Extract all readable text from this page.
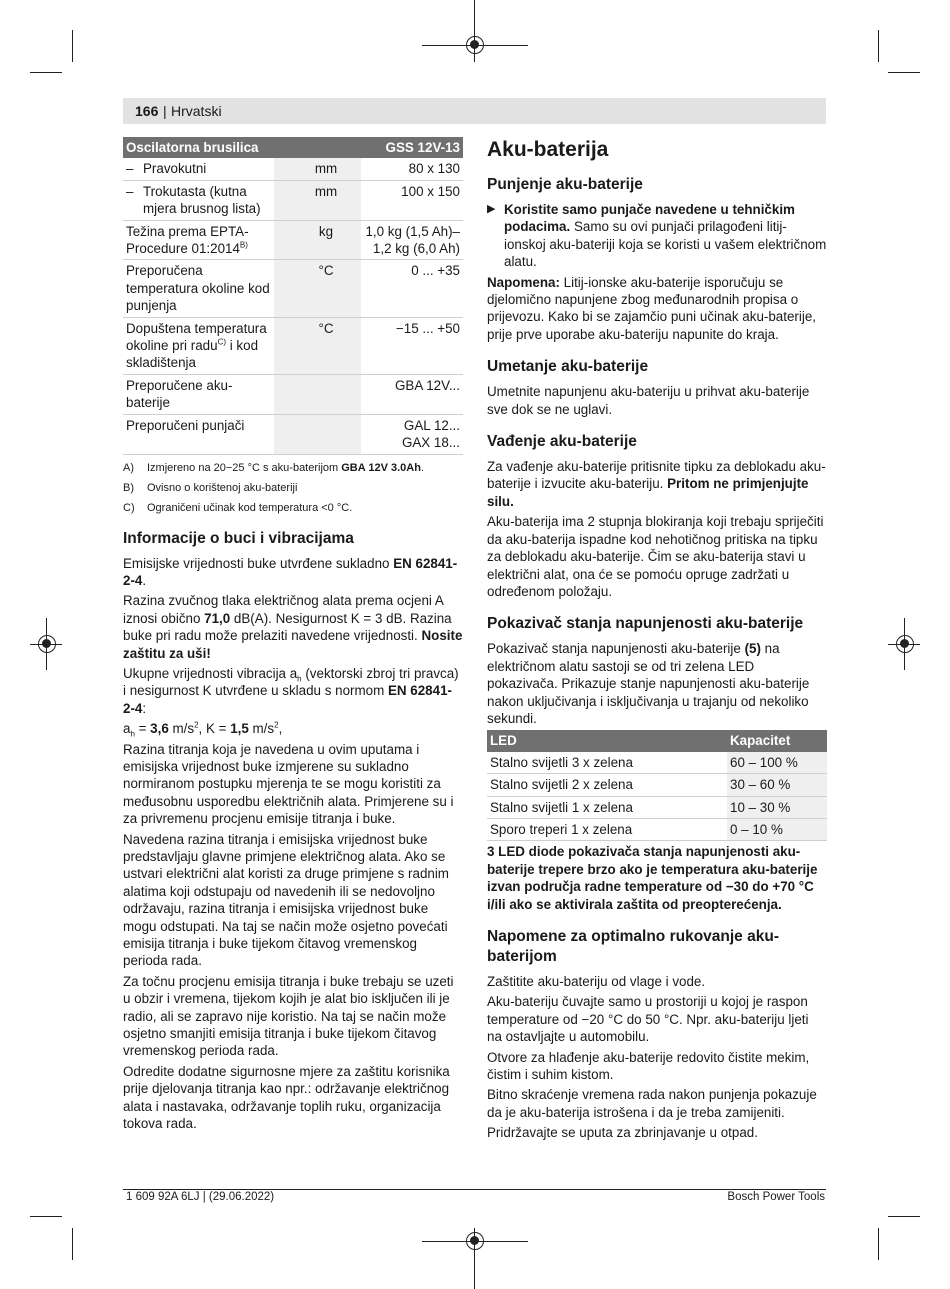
166 | Hrvatski
Oscilatorna brusilica	GSS 12V-13	

– Pravokutni	mm	80 x 130

– Trokutasta (kutna mjera brusnog lista)	mm	100 x 150
Težina prema EPTA-Procedure $01:2014^{B)}$	kg	1,0 kg (1,5 Ah)–
1,2 kg (6,0 Ah)

Preporučena temperatura okoline kod punjenja	°C	0 ... +35
Dopuštena temperatura okoline pri radu$^{C)}$ i kod skladištenja	°C	−15 ... +50
Preporučene aku-baterije		GBA 12V...
Preporučeni punjači		GAL 12...
GAX 18...
A)	Izmjereno na 20−25 °C s aku-baterijom GBA 12V 3.0Ah.
B)	Ovisno o korištenoj aku-bateriji
C)	Ograničeni učinak kod temperatura <0 °C.
Informacije o buci i vibracijama

Emisijske vrijednosti buke utvrđene sukladno EN 62841-2-4.

Razina zvučnog tlaka električnog alata prema ocjeni A iznosi obično 71,0 dB(A). Nesigurnost K = 3 dB. Razina buke pri radu može prelaziti navedene vrijednosti. Nosite zaštitu za uši!

Ukupne vrijednosti vibracija $a_h$ (vektorski zbroj tri pravca) i nesigurnost K utvrđene u skladu s normom EN 62841-2-4:

$a_h = 3,6$ $m/s^2$, K = 1,5 $m/s^2$,

Razina titranja koja je navedena u ovim uputama i emisijska vrijednost buke izmjerene su sukladno normiranom postupku mjerenja te se mogu koristiti za međusobnu usporedbu električnih alata. Primjerene su i za privremenu procjenu emisije titranja i buke.

Navedena razina titranja i emisijska vrijednost buke predstavljaju glavne primjene električnog alata. Ako se ustvari električni alat koristi za druge primjene s radnim alatima koji odstupaju od navedenih ili se nedovoljno održavaju, razina titranja i emisijska vrijednost buke mogu odstupati. Na taj se način može osjetno povećati emisija titranja i buke tijekom čitavog vremenskog perioda rada.

Za točnu procjenu emisija titranja i buke trebaju se uzeti u obzir i vremena, tijekom kojih je alat bio isključen ili je radio, ali se zapravo nije koristio. Na taj se način može osjetno smanjiti emisija titranja i buke tijekom čitavog vremenskog perioda rada.

Odredite dodatne sigurnosne mjere za zaštitu korisnika prije djelovanja titranja kao npr.: održavanje električnog alata i nastavaka, održavanje toplih ruku, organizacija tokova rada.

Aku-baterija
Punjenje aku-baterije
▶ Koristite samo punjače navedene u tehničkim podacima. Samo su ovi punjači prilagođeni litij-ionskoj aku-bateriji koja se koristi u vašem električnom alatu.

Napomena: Litij-ionske aku-baterije isporučuju se djelomično napunjene zbog međunarodnih propisa o prijevozu. Kako bi se zajamčio puni učinak aku-baterije, prije prve uporabe aku-bateriju napunite do kraja.

Umetanje aku-baterije

Umetnite napunjenu aku-bateriju u prihvat aku-baterije sve dok se ne uglavi.

Vađenje aku-baterije

Za vađenje aku-baterije pritisnite tipku za deblokadu aku-baterije i izvucite aku-bateriju. Pritom ne primjenjujte silu.

Aku-baterija ima 2 stupnja blokiranja koji trebaju spriječiti da aku-baterija ispadne kod nehotičnog pritiska na tipku za deblokadu aku-baterije. Čim se aku-baterija stavi u električni alat, ona će se pomoću opruge zadržati u određenom položaju.

Pokazivač stanja napunjenosti aku-baterije

Pokazivač stanja napunjenosti aku-baterije (5) na električnom alatu sastoji se od tri zelena LED pokazivača. Prikazuje stanje napunjenosti aku-baterije nakon uključivanja i isključivanja u trajanju od nekoliko sekundi.

LED	Kapacitet
Stalno svijetli 3 x zelena	60 – 100 %
Stalno svijetli 2 x zelena	30 – 60 %
Stalno svijetli 1 x zelena	10 – 30 %
Sporo treperi 1 x zelena	0 – 10 %

3 LED diode pokazivača stanja napunjenosti aku-baterije trepere brzo ako je temperatura aku-baterije izvan područja radne temperature od −30 do +70 °C i/ili ako se aktivirala zaštita od preopterećenja.

Napomene za optimalno rukovanje aku-baterijom

Zaštitite aku-bateriju od vlage i vode.

Aku-bateriju čuvajte samo u prostoriji u kojoj je raspon temperature od −20 °C do 50 °C. Npr. aku-bateriju ljeti na ostavljajte u automobilu.

Otvore za hlađenje aku-baterije redovito čistite mekim, čistim i suhim kistom.

Bitno skraćenje vremena rada nakon punjenja pokazuje da je aku-baterija istrošena i da je treba zamijeniti.

Pridržavajte se uputa za zbrinjavanje u otpad.

1 609 92A 6LJ | (29.06.2022)	Bosch Power Tools
